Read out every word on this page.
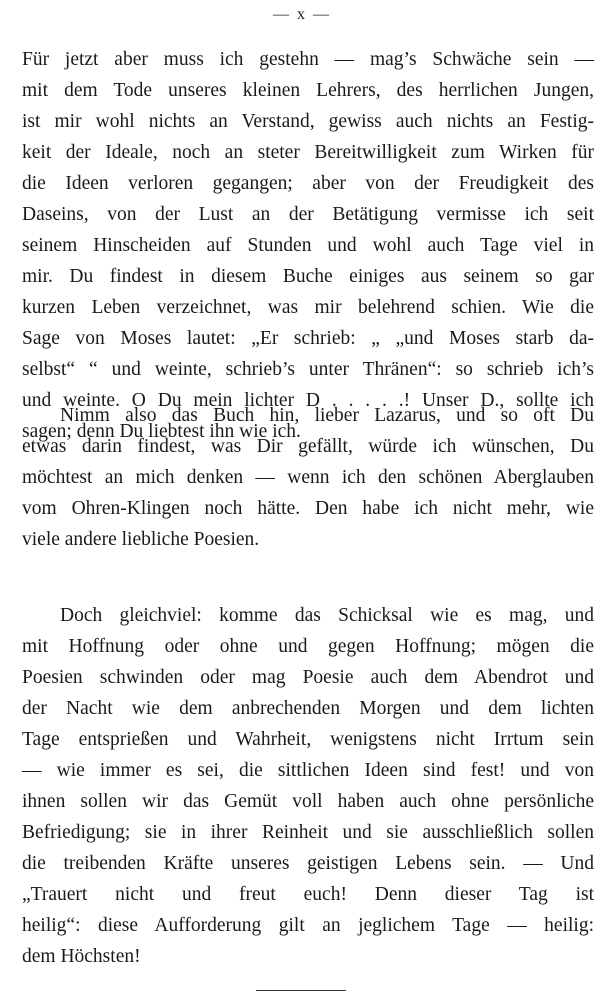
— x —
Für jetzt aber muss ich gestehn — mag’s Schwäche sein —
mit dem Tode unseres kleinen Lehrers, des herrlichen Jungen,
ist mir wohl nichts an Verstand, gewiss auch nichts an Festig-
keit der Ideale, noch an steter Bereitwilligkeit zum Wirken für
die Ideen verloren gegangen; aber von der Freudigkeit des
Daseins, von der Lust an der Betätigung vermisse ich seit
seinem Hinscheiden auf Stunden und wohl auch Tage viel in
mir. Du findest in diesem Buche einiges aus seinem so gar
kurzen Leben verzeichnet, was mir belehrend schien. Wie die
Sage von Moses lautet: „Er schrieb: „ „und Moses starb da-
selbst“ “ und weinte, schrieb’s unter Thränen“: so schrieb ich’s
und weinte. O Du mein lichter D . . . . .! Unser D., sollte ich
sagen; denn Du liebtest ihn wie ich.
Nimm also das Buch hin, lieber Lazarus, und so oft Du
etwas darin findest, was Dir gefällt, würde ich wünschen, Du
möchtest an mich denken — wenn ich den schönen Aberglauben
vom Ohren-Klingen noch hätte. Den habe ich nicht mehr, wie
viele andere liebliche Poesien.
Doch gleichviel: komme das Schicksal wie es mag, und
mit Hoffnung oder ohne und gegen Hoffnung; mögen die
Poesien schwinden oder mag Poesie auch dem Abendrot und
der Nacht wie dem anbrechenden Morgen und dem lichten
Tage entsprießen und Wahrheit, wenigstens nicht Irrtum sein
— wie immer es sei, die sittlichen Ideen sind fest! und von
ihnen sollen wir das Gemüt voll haben auch ohne persönliche
Befriedigung; sie in ihrer Reinheit und sie ausschließlich sollen
die treibenden Kräfte unseres geistigen Lebens sein. — Und
„Trauert nicht und freut euch! Denn dieser Tag ist
heilig“: diese Aufforderung gilt an jeglichem Tage — heilig:
dem Höchsten!
